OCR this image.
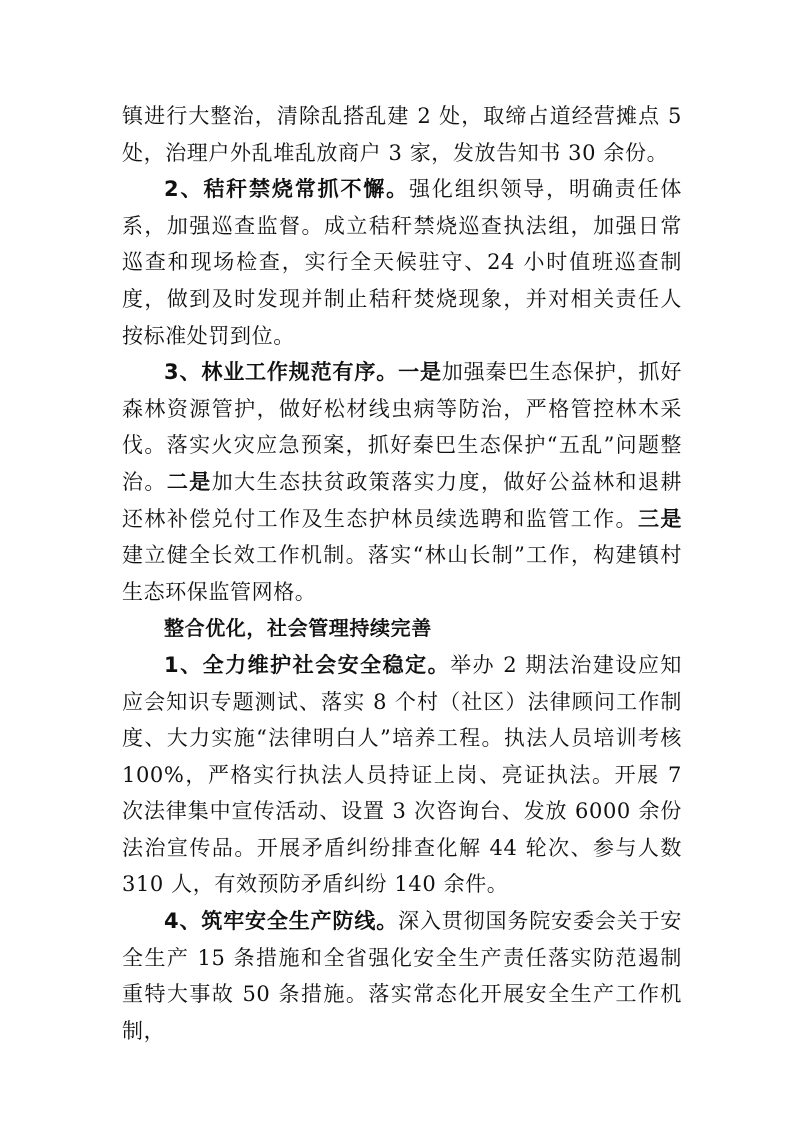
镇进行大整治，清除乱搭乱建 2 处，取缔占道经营摊点 5 处，治理户外乱堆乱放商户 3 家，发放告知书 30 余份。

2、秸秆禁烧常抓不懈。强化组织领导，明确责任体系，加强巡查监督。成立秸秆禁烧巡查执法组，加强日常巡查和现场检查，实行全天候驻守、24 小时值班巡查制度，做到及时发现并制止秸秆焚烧现象，并对相关责任人按标准处罚到位。

3、林业工作规范有序。一是加强秦巴生态保护，抓好森林资源管护，做好松材线虫病等防治，严格管控林木采伐。落实火灾应急预案，抓好秦巴生态保护“五乱”问题整治。二是加大生态扶贫政策落实力度，做好公益林和退耕还林补偿兑付工作及生态护林员续选聘和监管工作。三是建立健全长效工作机制。落实“林山长制”工作，构建镇村生态环保监管网格。

整合优化，社会管理持续完善

1、全力维护社会安全稳定。举办 2 期法治建设应知应会知识专题测试、落实 8 个村（社区）法律顾问工作制度、大力实施“法律明白人”培养工程。执法人员培训考核 100%，严格实行执法人员持证上岗、亮证执法。开展 7 次法律集中宣传活动、设置 3 次咨询台、发放 6000 余份法治宣传品。开展矛盾纠纷排查化解 44 轮次、参与人数 310 人，有效预防矛盾纠纷 140 余件。

4、筑牢安全生产防线。深入贯彻国务院安委会关于安全生产 15 条措施和全省强化安全生产责任落实防范遏制重特大事故 50 条措施。落实常态化开展安全生产工作机制，
